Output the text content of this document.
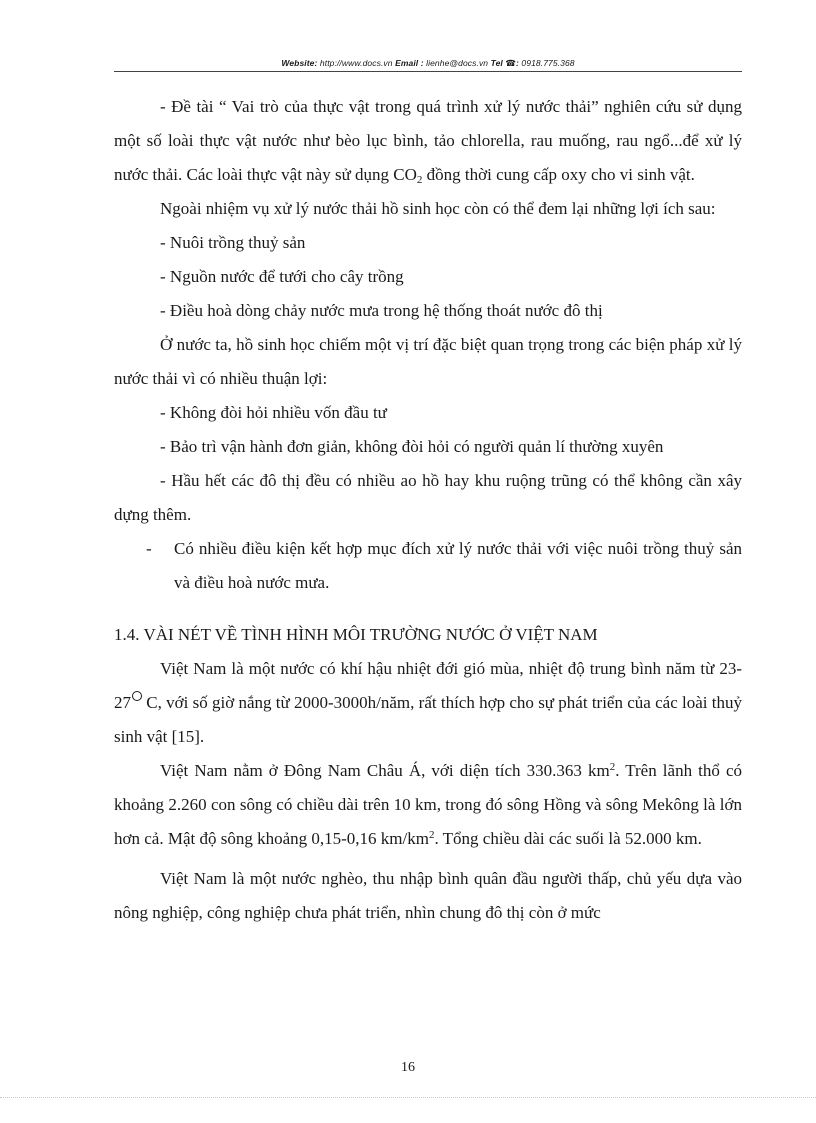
Website: http://www.docs.vn Email : lienhe@docs.vn Tel ☎: 0918.775.368

- Đề tài “ Vai trò của thực vật trong quá trình xử lý nước thải” nghiên cứu sử dụng một số loài thực vật nước như bèo lục bình, tảo chlorella, rau muống, rau ngổ...để xử lý nước thải. Các loài thực vật này sử dụng $CO_2$ đồng thời cung cấp oxy cho vi sinh vật.

Ngoài nhiệm vụ xử lý nước thải hồ sinh học còn có thể đem lại những lợi ích sau:

- Nuôi trồng thuỷ sản

- Nguồn nước để tưới cho cây trồng

- Điều hoà dòng chảy nước mưa trong hệ thống thoát nước đô thị

Ở nước ta, hồ sinh học chiếm một vị trí đặc biệt quan trọng trong các biện pháp xử lý nước thải vì có nhiều thuận lợi:

- Không đòi hỏi nhiều vốn đầu tư

- Bảo trì vận hành đơn giản, không đòi hỏi có người quản lí thường xuyên

- Hầu hết các đô thị đều có nhiều ao hồ hay khu ruộng trũng có thể không cần xây dựng thêm.

- Có nhiều điều kiện kết hợp mục đích xử lý nước thải với việc nuôi trồng thuỷ sản và điều hoà nước mưa.

1.4. VÀI NÉT VỀ TÌNH HÌNH MÔI TRƯỜNG NƯỚC Ở VIỆT NAM

Việt Nam là một nước có khí hậu nhiệt đới gió mùa, nhiệt độ trung bình năm từ 23-27 C, với số giờ nắng từ 2000-3000h/năm, rất thích hợp cho sự phát triển của các loài thuỷ sinh vật [15].

Việt Nam nằm ở Đông Nam Châu Á, với diện tích 330.363 $km^2$. Trên lãnh thổ có khoảng 2.260 con sông có chiều dài trên 10 km, trong đó sông Hồng và sông Mekông là lớn hơn cả. Mật độ sông khoảng 0,15-0,16 $km/km^2$. Tổng chiều dài các suối là 52.000 km.

Việt Nam là một nước nghèo, thu nhập bình quân đầu người thấp, chủ yếu dựa vào nông nghiệp, công nghiệp chưa phát triển, nhìn chung đô thị còn ở mức

16
